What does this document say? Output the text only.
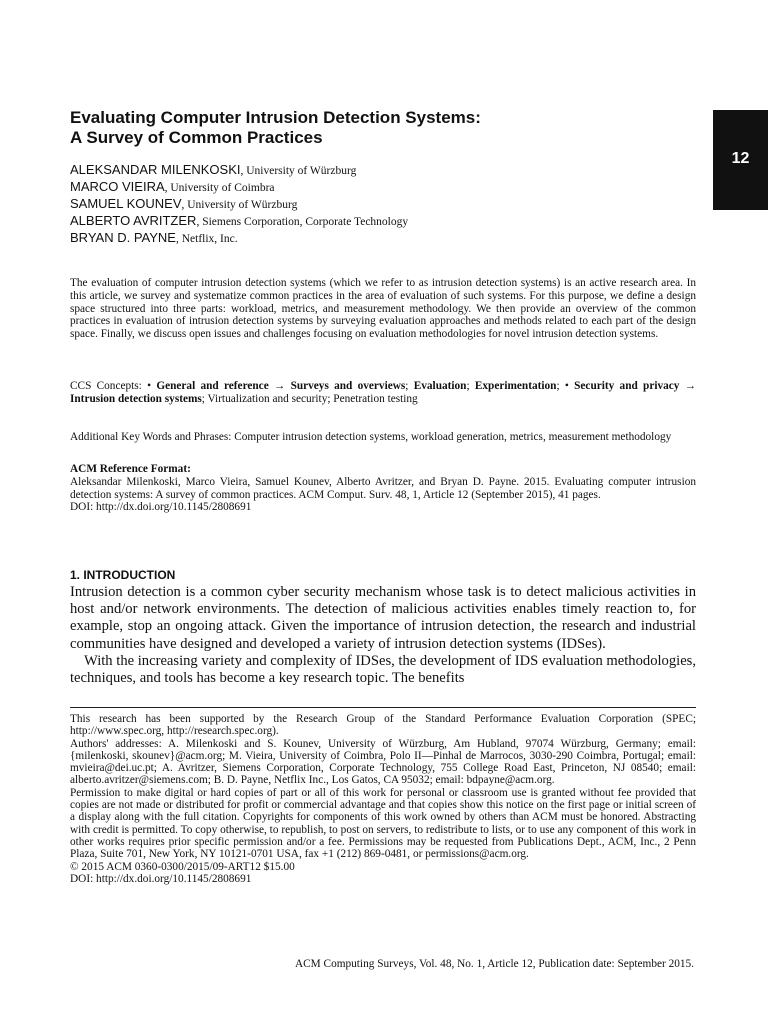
12
Evaluating Computer Intrusion Detection Systems:
A Survey of Common Practices
ALEKSANDAR MILENKOSKI, University of Würzburg
MARCO VIEIRA, University of Coimbra
SAMUEL KOUNEV, University of Würzburg
ALBERTO AVRITZER, Siemens Corporation, Corporate Technology
BRYAN D. PAYNE, Netflix, Inc.

The evaluation of computer intrusion detection systems (which we refer to as intrusion detection systems) is an active research area. In this article, we survey and systematize common practices in the area of evaluation of such systems. For this purpose, we define a design space structured into three parts: workload, metrics, and measurement methodology. We then provide an overview of the common practices in evaluation of intrusion detection systems by surveying evaluation approaches and methods related to each part of the design space. Finally, we discuss open issues and challenges focusing on evaluation methodologies for novel intrusion detection systems.

CCS Concepts: • General and reference → Surveys and overviews; Evaluation; Experimentation; • Security and privacy → Intrusion detection systems; Virtualization and security; Penetration testing

Additional Key Words and Phrases: Computer intrusion detection systems, workload generation, metrics, measurement methodology

ACM Reference Format:
Aleksandar Milenkoski, Marco Vieira, Samuel Kounev, Alberto Avritzer, and Bryan D. Payne. 2015. Evaluating computer intrusion detection systems: A survey of common practices. ACM Comput. Surv. 48, 1, Article 12 (September 2015), 41 pages.
DOI: http://dx.doi.org/10.1145/2808691

1. INTRODUCTION

Intrusion detection is a common cyber security mechanism whose task is to detect malicious activities in host and/or network environments. The detection of malicious activities enables timely reaction to, for example, stop an ongoing attack. Given the importance of intrusion detection, the research and industrial communities have designed and developed a variety of intrusion detection systems (IDSes).

With the increasing variety and complexity of IDSes, the development of IDS evaluation methodologies, techniques, and tools has become a key research topic. The benefits

This research has been supported by the Research Group of the Standard Performance Evaluation Corporation (SPEC; http://www.spec.org, http://research.spec.org).

Authors' addresses: A. Milenkoski and S. Kounev, University of Würzburg, Am Hubland, 97074 Würzburg, Germany; email: {milenkoski, skounev}@acm.org; M. Vieira, University of Coimbra, Polo II—Pinhal de Marrocos, 3030-290 Coimbra, Portugal; email: mvieira@dei.uc.pt; A. Avritzer, Siemens Corporation, Corporate Technology, 755 College Road East, Princeton, NJ 08540; email: alberto.avritzer@siemens.com; B. D. Payne, Netflix Inc., Los Gatos, CA 95032; email: bdpayne@acm.org.

Permission to make digital or hard copies of part or all of this work for personal or classroom use is granted without fee provided that copies are not made or distributed for profit or commercial advantage and that copies show this notice on the first page or initial screen of a display along with the full citation. Copyrights for components of this work owned by others than ACM must be honored. Abstracting with credit is permitted. To copy otherwise, to republish, to post on servers, to redistribute to lists, or to use any component of this work in other works requires prior specific permission and/or a fee. Permissions may be requested from Publications Dept., ACM, Inc., 2 Penn Plaza, Suite 701, New York, NY 10121-0701 USA, fax +1 (212) 869-0481, or permissions@acm.org.

© 2015 ACM 0360-0300/2015/09-ART12 $15.00

DOI: http://dx.doi.org/10.1145/2808691

ACM Computing Surveys, Vol. 48, No. 1, Article 12, Publication date: September 2015.
